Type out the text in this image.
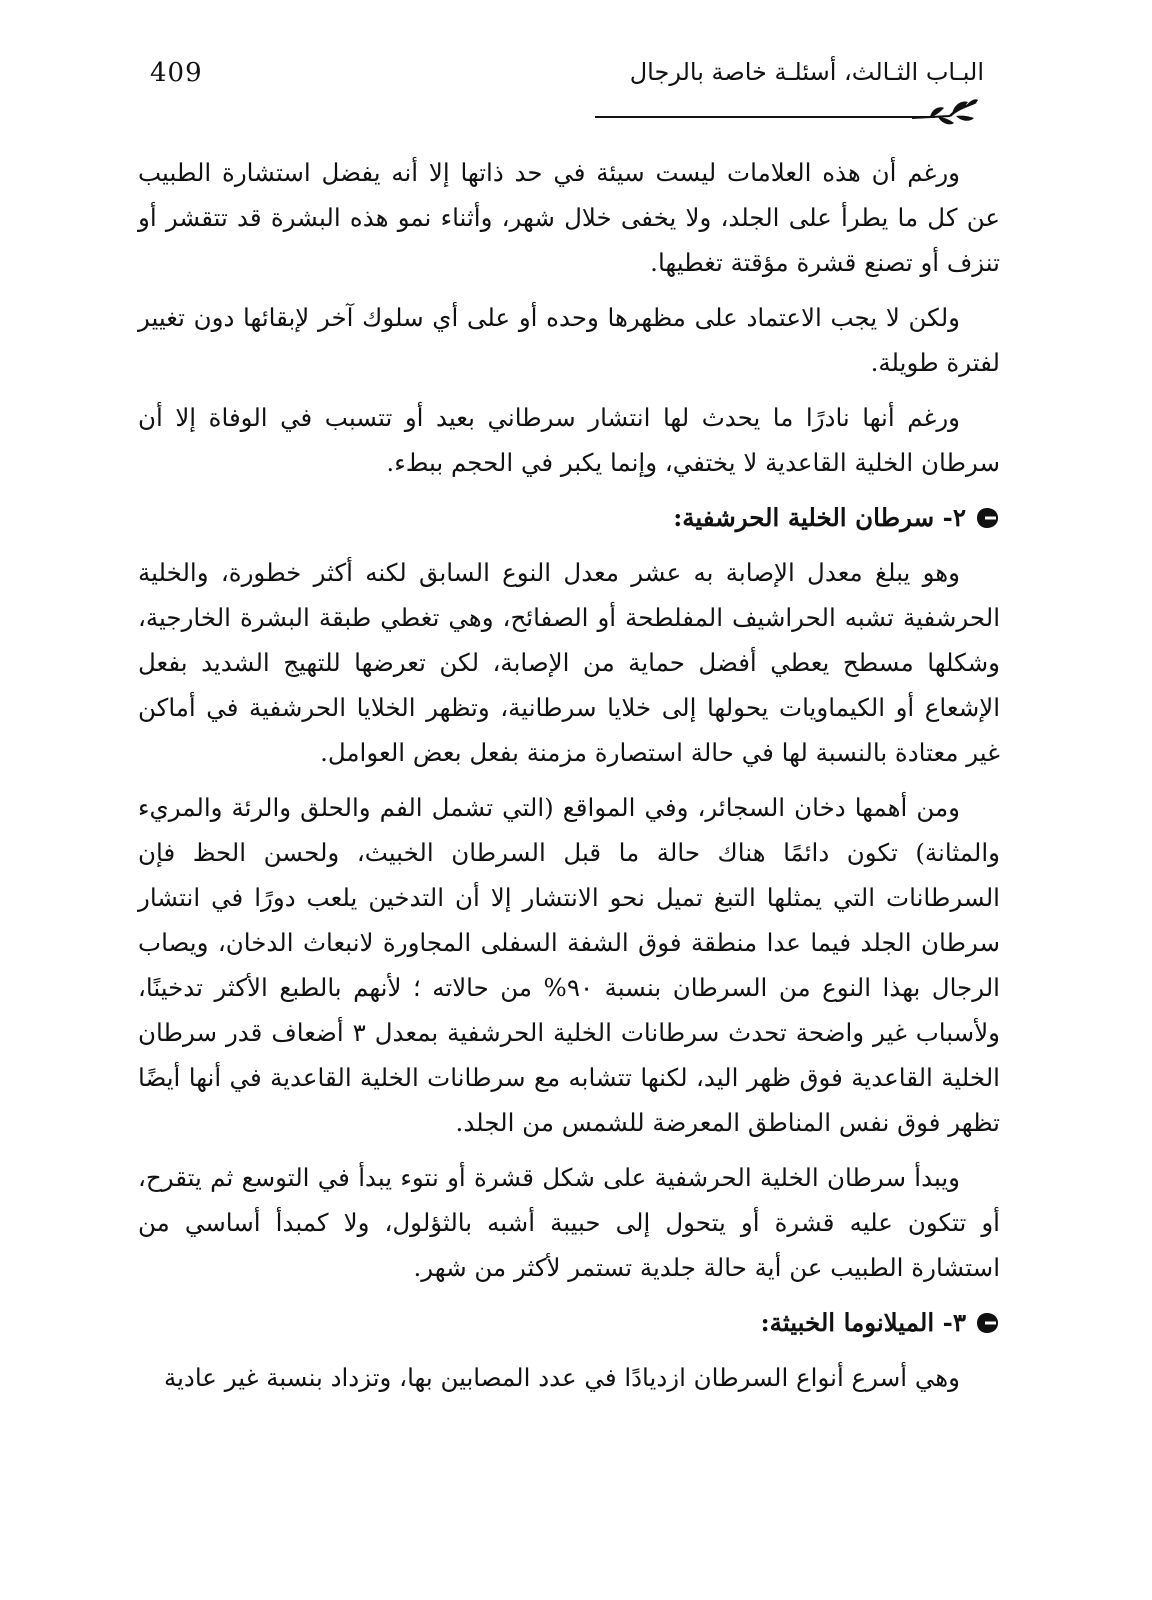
409	البـاب الثـالث، أسئلـة خاصة بالرجال

ورغم أن هذه العلامات ليست سيئة في حد ذاتها إلا أنه يفضل استشارة الطبيب عن كل ما يطرأ على الجلد، ولا يخفى خلال شهر، وأثناء نمو هذه البشرة قد تتقشر أو تنزف أو تصنع قشرة مؤقتة تغطيها.

ولكن لا يجب الاعتماد على مظهرها وحده أو على أي سلوك آخر لإبقائها دون تغيير لفترة طويلة.

ورغم أنها نادرًا ما يحدث لها انتشار سرطاني بعيد أو تتسبب في الوفاة إلا أن سرطان الخلية القاعدية لا يختفي، وإنما يكبر في الحجم ببطء.

٢- سرطان الخلية الحرشفية:

وهو يبلغ معدل الإصابة به عشر معدل النوع السابق لكنه أكثر خطورة، والخلية الحرشفية تشبه الحراشيف المفلطحة أو الصفائح، وهي تغطي طبقة البشرة الخارجية، وشكلها مسطح يعطي أفضل حماية من الإصابة، لكن تعرضها للتهيج الشديد بفعل الإشعاع أو الكيماويات يحولها إلى خلايا سرطانية، وتظهر الخلايا الحرشفية في أماكن غير معتادة بالنسبة لها في حالة استصارة مزمنة بفعل بعض العوامل.

ومن أهمها دخان السجائر، وفي المواقع (التي تشمل الفم والحلق والرئة والمريء والمثانة) تكون دائمًا هناك حالة ما قبل السرطان الخبيث، ولحسن الحظ فإن السرطانات التي يمثلها التبغ تميل نحو الانتشار إلا أن التدخين يلعب دورًا في انتشار سرطان الجلد فيما عدا منطقة فوق الشفة السفلى المجاورة لانبعاث الدخان، ويصاب الرجال بهذا النوع من السرطان بنسبة ٩٠% من حالاته ؛ لأنهم بالطبع الأكثر تدخينًا، ولأسباب غير واضحة تحدث سرطانات الخلية الحرشفية بمعدل ٣ أضعاف قدر سرطان الخلية القاعدية فوق ظهر اليد، لكنها تتشابه مع سرطانات الخلية القاعدية في أنها أيضًا تظهر فوق نفس المناطق المعرضة للشمس من الجلد.

ويبدأ سرطان الخلية الحرشفية على شكل قشرة أو نتوء يبدأ في التوسع ثم يتقرح، أو تتكون عليه قشرة أو يتحول إلى حبيبة أشبه بالثؤلول، ولا كمبدأ أساسي من استشارة الطبيب عن أية حالة جلدية تستمر لأكثر من شهر.

٣- الميلانوما الخبيثة:

وهي أسرع أنواع السرطان ازديادًا في عدد المصابين بها، وتزداد بنسبة غير عادية
